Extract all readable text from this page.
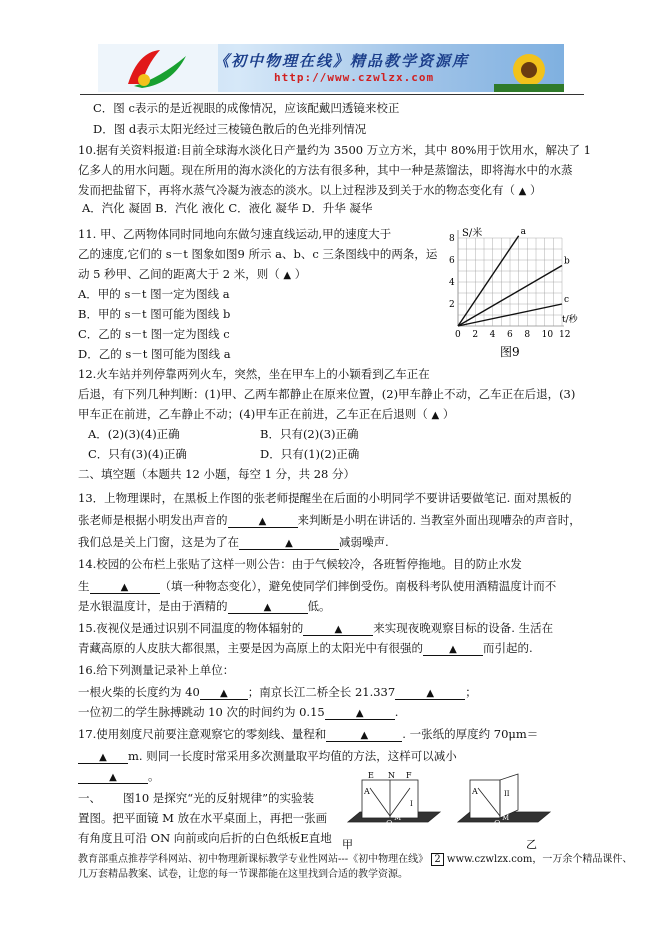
《初中物理在线》精品教学资源库
http://www.czwlzx.com
C．图 c表示的是近视眼的成像情况，应该配戴凹透镜来校正
D．图 d表示太阳光经过三棱镜色散后的色光排列情况
10.据有关资料报道:目前全球海水淡化日产量约为 3500 万立方米，其中 80%用于饮用水，解决了 1
亿多人的用水问题。现在所用的海水淡化的方法有很多种，其中一种是蒸馏法，即将海水中的水蒸
发而把盐留下，再将水蒸气冷凝为液态的淡水。以上过程涉及到关于水的物态变化有（ ▲ ）
A．汽化 凝固 B．汽化 液化 C．液化 凝华 D．升华 凝华
11. 甲、乙两物体同时同地向东做匀速直线运动,甲的速度大于
乙的速度,它们的 s－t 图象如图9 所示 a、b、c 三条图线中的两条，运
动 5 秒甲、乙间的距离大于 2 米，则（ ▲ ）
A．甲的 s－t 图一定为图线 a
B．甲的 s－t 图可能为图线 b
C．乙的 s－t 图一定为图线 c
D．乙的 s－t 图可能为图线 a
S/米
t/秒
2
4
6
8
0 2 4 6 8 10 12
a
b
c
图9
12.火车站并列停靠两列火车，突然，坐在甲车上的小颖看到乙车正在
后退，有下列几种判断：(1)甲、乙两车都静止在原来位置，(2)甲车静止不动，乙车正在后退，(3)
甲车正在前进，乙车静止不动；(4)甲车正在前进，乙车正在后退则（ ▲ ）
A．(2)(3)(4)正确	B．只有(2)(3)正确
C．只有(3)(4)正确	D．只有(1)(2)正确
二、填空题（本题共 12 小题，每空 1 分，共 28 分）
13．上物理课时，在黑板上作图的张老师提醒坐在后面的小明同学不要讲话要做笔记. 面对黑板的
张老师是根据小明发出声音的	▲	来判断是小明在讲话的. 当教室外面出现嘈杂的声音时，
我们总是关上门窗，这是为了在	▲	减弱噪声.
14.校园的公布栏上张贴了这样一则公告：由于气候较冷，各班暂停拖地。目的防止水发
生	▲	（填一种物态变化），避免使同学们摔倒受伤。南极科考队使用酒精温度计而不
是水银温度计，是由于酒精的	▲	低。
15.夜视仪是通过识别不同温度的物体辐射的	▲	来实现夜晚观察目标的设备. 生活在
青藏高原的人皮肤大都很黑，主要是因为高原上的太阳光中有很强的	▲ 而引起的.
16.给下列测量记录补上单位：
一根火柴的长度约为 40 ▲ ；南京长江二桥全长 21.337	▲	；
一位初二的学生脉搏跳动 10 次的时间约为 0.15	▲	.
17.使用刻度尺前要注意观察它的零刻线、量程和	▲	. 一张纸的厚度约 70μm＝
▲ m. 则同一长度时常采用多次测量取平均值的方法，这样可以减小
▲	。
一、 图10 是探究“光的反射规律”的实验装
置图。把平面镜 M 放在水平桌面上，再把一张画
有角度且可沿 ON 向前或向后折的白色纸板E直地
E N F
A
O
M
I
甲
A
O
M
II
乙
教育部重点推荐学科网站、初中物理新课标教学专业性网站---《初中物理在线》 2 www.czwlzx.com，一万余个精品课件、
几万套精品教案、试卷，让您的每一节课都能在这里找到合适的教学资源。
